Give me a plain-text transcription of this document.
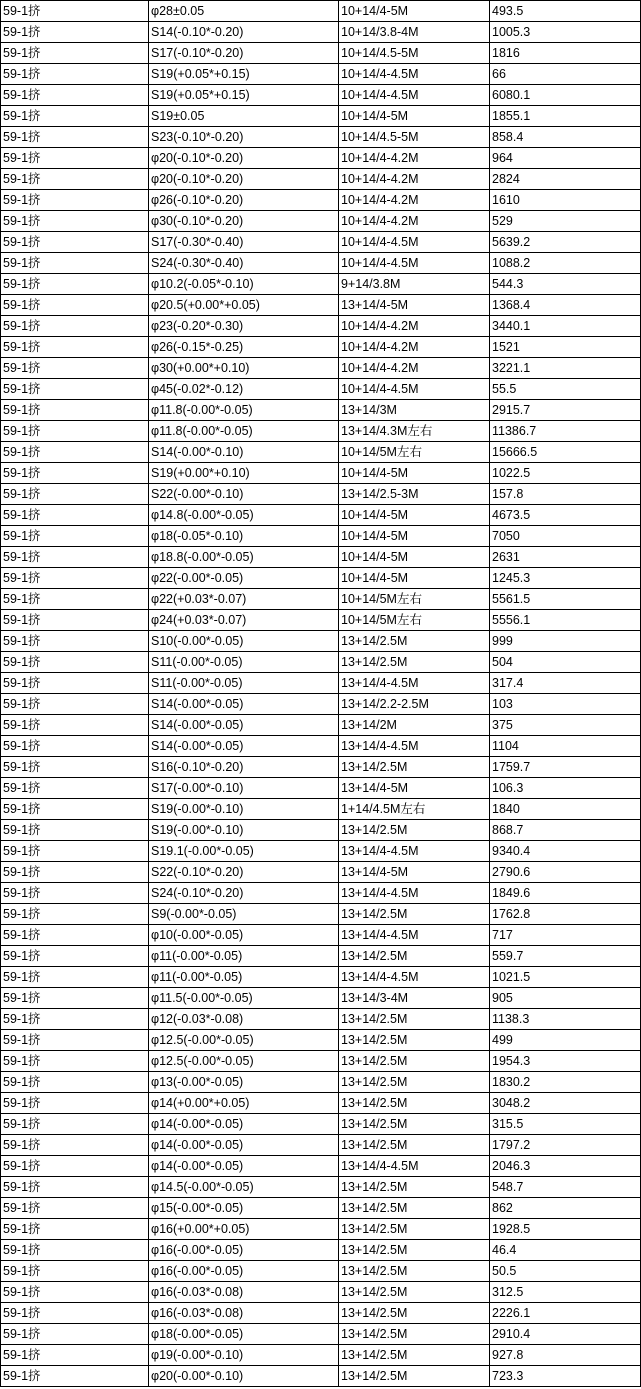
59-1挤	φ28±0.05	10+14/4-5M	493.5
59-1挤	S14(-0.10*-0.20)	10+14/3.8-4M	1005.3
59-1挤	S17(-0.10*-0.20)	10+14/4.5-5M	1816
59-1挤	S19(+0.05*+0.15)	10+14/4-4.5M	66
59-1挤	S19(+0.05*+0.15)	10+14/4-4.5M	6080.1
59-1挤	S19±0.05	10+14/4-5M	1855.1
59-1挤	S23(-0.10*-0.20)	10+14/4.5-5M	858.4
59-1挤	φ20(-0.10*-0.20)	10+14/4-4.2M	964
59-1挤	φ20(-0.10*-0.20)	10+14/4-4.2M	2824
59-1挤	φ26(-0.10*-0.20)	10+14/4-4.2M	1610
59-1挤	φ30(-0.10*-0.20)	10+14/4-4.2M	529
59-1挤	S17(-0.30*-0.40)	10+14/4-4.5M	5639.2
59-1挤	S24(-0.30*-0.40)	10+14/4-4.5M	1088.2
59-1挤	φ10.2(-0.05*-0.10)	9+14/3.8M	544.3
59-1挤	φ20.5(+0.00*+0.05)	13+14/4-5M	1368.4
59-1挤	φ23(-0.20*-0.30)	10+14/4-4.2M	3440.1
59-1挤	φ26(-0.15*-0.25)	10+14/4-4.2M	1521
59-1挤	φ30(+0.00*+0.10)	10+14/4-4.2M	3221.1
59-1挤	φ45(-0.02*-0.12)	10+14/4-4.5M	55.5
59-1挤	φ11.8(-0.00*-0.05)	13+14/3M	2915.7
59-1挤	φ11.8(-0.00*-0.05)	13+14/4.3M左右	11386.7
59-1挤	S14(-0.00*-0.10)	10+14/5M左右	15666.5
59-1挤	S19(+0.00*+0.10)	10+14/4-5M	1022.5
59-1挤	S22(-0.00*-0.10)	13+14/2.5-3M	157.8
59-1挤	φ14.8(-0.00*-0.05)	10+14/4-5M	4673.5
59-1挤	φ18(-0.05*-0.10)	10+14/4-5M	7050
59-1挤	φ18.8(-0.00*-0.05)	10+14/4-5M	2631
59-1挤	φ22(-0.00*-0.05)	10+14/4-5M	1245.3
59-1挤	φ22(+0.03*-0.07)	10+14/5M左右	5561.5
59-1挤	φ24(+0.03*-0.07)	10+14/5M左右	5556.1
59-1挤	S10(-0.00*-0.05)	13+14/2.5M	999
59-1挤	S11(-0.00*-0.05)	13+14/2.5M	504
59-1挤	S11(-0.00*-0.05)	13+14/4-4.5M	317.4
59-1挤	S14(-0.00*-0.05)	13+14/2.2-2.5M	103
59-1挤	S14(-0.00*-0.05)	13+14/2M	375
59-1挤	S14(-0.00*-0.05)	13+14/4-4.5M	1104
59-1挤	S16(-0.10*-0.20)	13+14/2.5M	1759.7
59-1挤	S17(-0.00*-0.10)	13+14/4-5M	106.3
59-1挤	S19(-0.00*-0.10)	1+14/4.5M左右	1840
59-1挤	S19(-0.00*-0.10)	13+14/2.5M	868.7
59-1挤	S19.1(-0.00*-0.05)	13+14/4-4.5M	9340.4
59-1挤	S22(-0.10*-0.20)	13+14/4-5M	2790.6
59-1挤	S24(-0.10*-0.20)	13+14/4-4.5M	1849.6
59-1挤	S9(-0.00*-0.05)	13+14/2.5M	1762.8
59-1挤	φ10(-0.00*-0.05)	13+14/4-4.5M	717
59-1挤	φ11(-0.00*-0.05)	13+14/2.5M	559.7
59-1挤	φ11(-0.00*-0.05)	13+14/4-4.5M	1021.5
59-1挤	φ11.5(-0.00*-0.05)	13+14/3-4M	905
59-1挤	φ12(-0.03*-0.08)	13+14/2.5M	1138.3
59-1挤	φ12.5(-0.00*-0.05)	13+14/2.5M	499
59-1挤	φ12.5(-0.00*-0.05)	13+14/2.5M	1954.3
59-1挤	φ13(-0.00*-0.05)	13+14/2.5M	1830.2
59-1挤	φ14(+0.00*+0.05)	13+14/2.5M	3048.2
59-1挤	φ14(-0.00*-0.05)	13+14/2.5M	315.5
59-1挤	φ14(-0.00*-0.05)	13+14/2.5M	1797.2
59-1挤	φ14(-0.00*-0.05)	13+14/4-4.5M	2046.3
59-1挤	φ14.5(-0.00*-0.05)	13+14/2.5M	548.7
59-1挤	φ15(-0.00*-0.05)	13+14/2.5M	862
59-1挤	φ16(+0.00*+0.05)	13+14/2.5M	1928.5
59-1挤	φ16(-0.00*-0.05)	13+14/2.5M	46.4
59-1挤	φ16(-0.00*-0.05)	13+14/2.5M	50.5
59-1挤	φ16(-0.03*-0.08)	13+14/2.5M	312.5
59-1挤	φ16(-0.03*-0.08)	13+14/2.5M	2226.1
59-1挤	φ18(-0.00*-0.05)	13+14/2.5M	2910.4
59-1挤	φ19(-0.00*-0.10)	13+14/2.5M	927.8
59-1挤	φ20(-0.00*-0.10)	13+14/2.5M	723.3
